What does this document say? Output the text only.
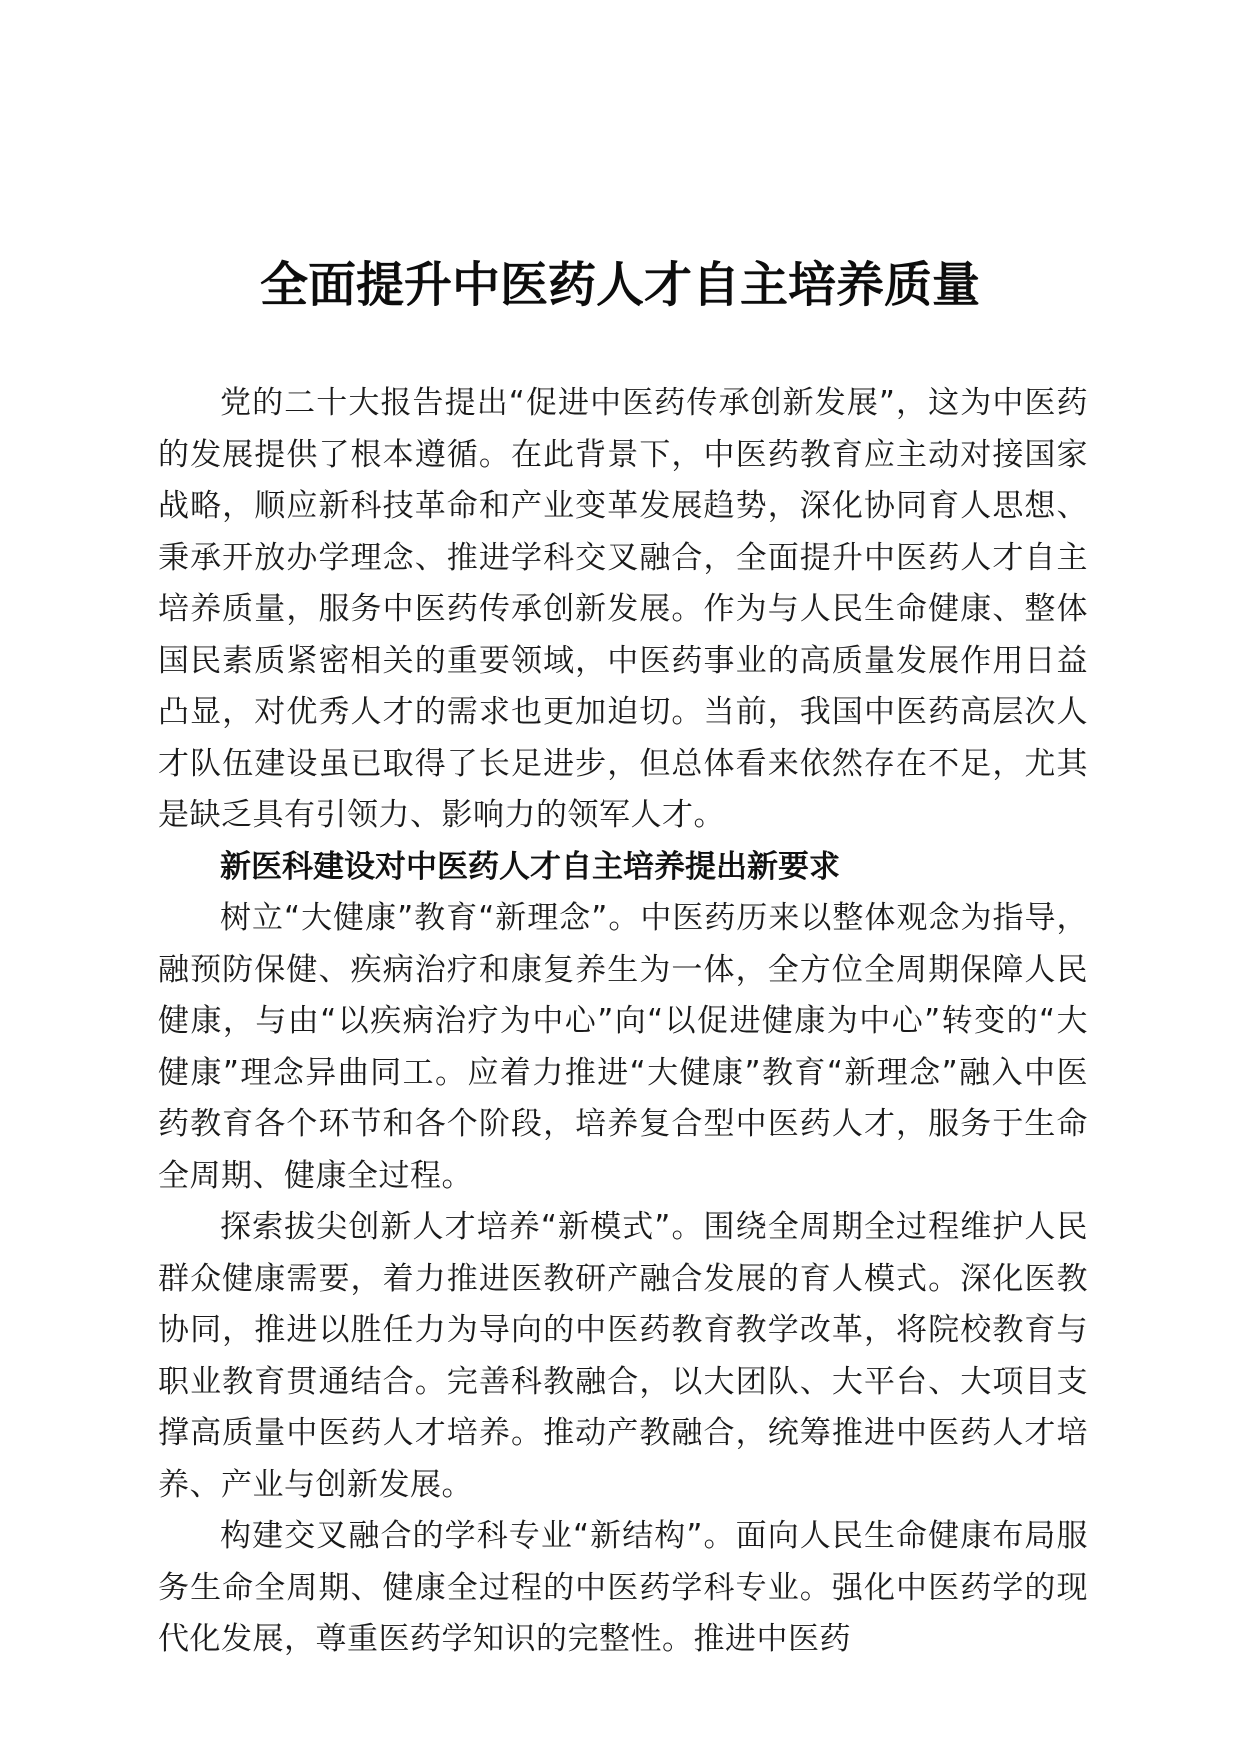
全面提升中医药人才自主培养质量

党的二十大报告提出“促进中医药传承创新发展”，这为中医药的发展提供了根本遵循。在此背景下，中医药教育应主动对接国家战略，顺应新科技革命和产业变革发展趋势，深化协同育人思想、秉承开放办学理念、推进学科交叉融合，全面提升中医药人才自主培养质量，服务中医药传承创新发展。作为与人民生命健康、整体国民素质紧密相关的重要领域，中医药事业的高质量发展作用日益凸显，对优秀人才的需求也更加迫切。当前，我国中医药高层次人才队伍建设虽已取得了长足进步，但总体看来依然存在不足，尤其是缺乏具有引领力、影响力的领军人才。

新医科建设对中医药人才自主培养提出新要求

树立“大健康”教育“新理念”。中医药历来以整体观念为指导，融预防保健、疾病治疗和康复养生为一体，全方位全周期保障人民健康，与由“以疾病治疗为中心”向“以促进健康为中心”转变的“大健康”理念异曲同工。应着力推进“大健康”教育“新理念”融入中医药教育各个环节和各个阶段，培养复合型中医药人才，服务于生命全周期、健康全过程。

探索拔尖创新人才培养“新模式”。围绕全周期全过程维护人民群众健康需要，着力推进医教研产融合发展的育人模式。深化医教协同，推进以胜任力为导向的中医药教育教学改革，将院校教育与职业教育贯通结合。完善科教融合，以大团队、大平台、大项目支撑高质量中医药人才培养。推动产教融合，统筹推进中医药人才培养、产业与创新发展。

构建交叉融合的学科专业“新结构”。面向人民生命健康布局服务生命全周期、健康全过程的中医药学科专业。强化中医药学的现代化发展，尊重医药学知识的完整性。推进中医药
